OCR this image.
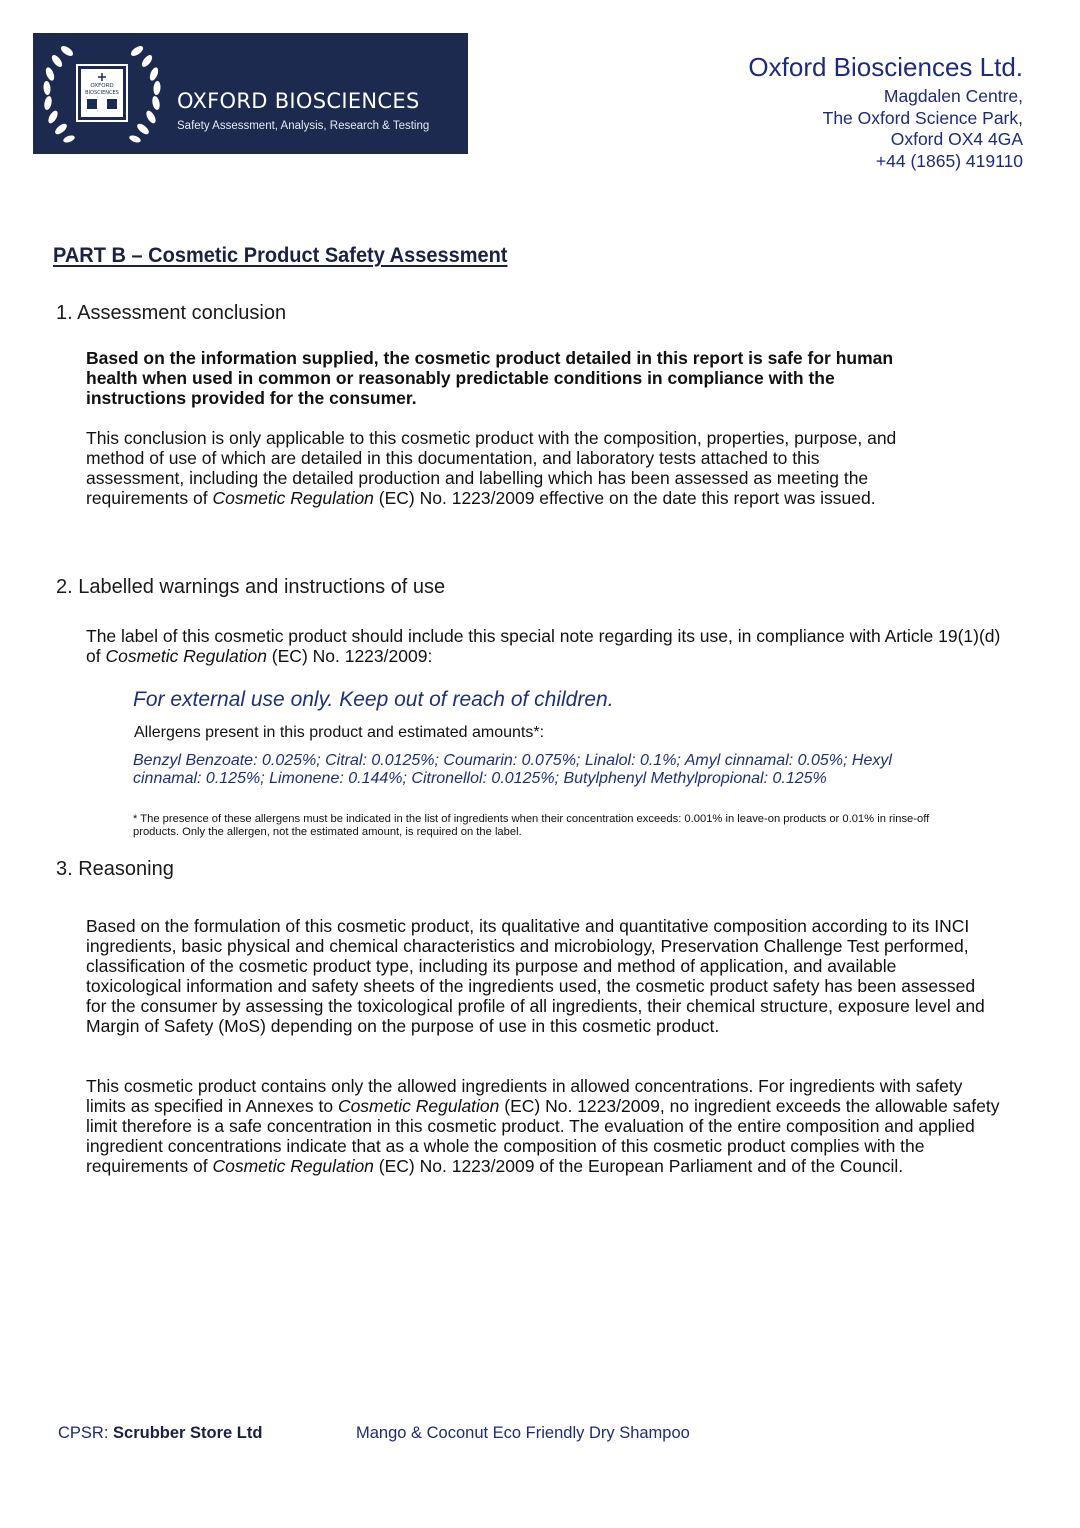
OXFORD
BIOSCIENCES	OXFORD BIOSCIENCES
Safety Assessment, Analysis, Research & Testing
Oxford Biosciences Ltd.
Magdalen Centre,
The Oxford Science Park,
Oxford OX4 4GA
+44 (1865) 419110
PART B – Cosmetic Product Safety Assessment
1. Assessment conclusion
Based on the information supplied, the cosmetic product detailed in this report is safe for human health when used in common or reasonably predictable conditions in compliance with the instructions provided for the consumer.
This conclusion is only applicable to this cosmetic product with the composition, properties, purpose, and method of use of which are detailed in this documentation, and laboratory tests attached to this assessment, including the detailed production and labelling which has been assessed as meeting the requirements of Cosmetic Regulation (EC) No. 1223/2009 effective on the date this report was issued.
2. Labelled warnings and instructions of use
The label of this cosmetic product should include this special note regarding its use, in compliance with Article 19(1)(d) of Cosmetic Regulation (EC) No. 1223/2009:
For external use only. Keep out of reach of children.
Allergens present in this product and estimated amounts*:
Benzyl Benzoate: 0.025%; Citral: 0.0125%; Coumarin: 0.075%; Linalol: 0.1%; Amyl cinnamal: 0.05%; Hexyl cinnamal: 0.125%; Limonene: 0.144%; Citronellol: 0.0125%; Butylphenyl Methylpropional: 0.125%
* The presence of these allergens must be indicated in the list of ingredients when their concentration exceeds: 0.001% in leave-on products or 0.01% in rinse-off products. Only the allergen, not the estimated amount, is required on the label.
3. Reasoning
Based on the formulation of this cosmetic product, its qualitative and quantitative composition according to its INCI ingredients, basic physical and chemical characteristics and microbiology, Preservation Challenge Test performed, classification of the cosmetic product type, including its purpose and method of application, and available toxicological information and safety sheets of the ingredients used, the cosmetic product safety has been assessed for the consumer by assessing the toxicological profile of all ingredients, their chemical structure, exposure level and Margin of Safety (MoS) depending on the purpose of use in this cosmetic product.
This cosmetic product contains only the allowed ingredients in allowed concentrations. For ingredients with safety limits as specified in Annexes to Cosmetic Regulation (EC) No. 1223/2009, no ingredient exceeds the allowable safety limit therefore is a safe concentration in this cosmetic product. The evaluation of the entire composition and applied ingredient concentrations indicate that as a whole the composition of this cosmetic product complies with the requirements of Cosmetic Regulation (EC) No. 1223/2009 of the European Parliament and of the Council.
CPSR: Scrubber Store Ltd	Mango & Coconut Eco Friendly Dry Shampoo
